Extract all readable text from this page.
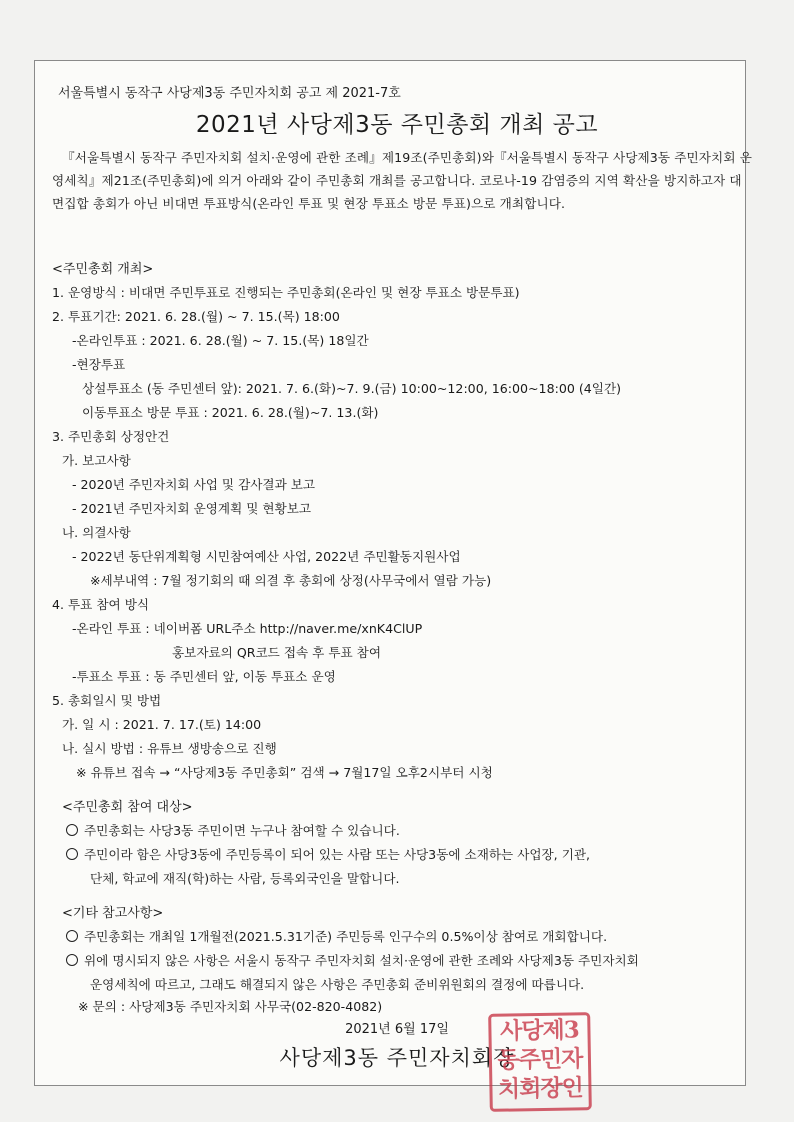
서울특별시 동작구 사당제3동 주민자치회 공고 제 2021-7호
2021년 사당제3동 주민총회 개최 공고
『서울특별시 동작구 주민자치회 설치·운영에 관한 조례』제19조(주민총회)와『서울특별시 동작구 사당제3동 주민자치회 운영세칙』제21조(주민총회)에 의거 아래와 같이 주민총회 개최를 공고합니다. 코로나-19 감염증의 지역 확산을 방지하고자 대면집합 총회가 아닌 비대면 투표방식(온라인 투표 및 현장 투표소 방문 투표)으로 개최합니다.
<주민총회 개최>
1. 운영방식 : 비대면 주민투표로 진행되는 주민총회(온라인 및 현장 투표소 방문투표)
2. 투표기간: 2021. 6. 28.(월) ~ 7. 15.(목) 18:00
-온라인투표 : 2021. 6. 28.(월) ~ 7. 15.(목) 18일간
-현장투표
상설투표소 (동 주민센터 앞): 2021. 7. 6.(화)~7. 9.(금) 10:00~12:00, 16:00~18:00 (4일간)
이동투표소 방문 투표 : 2021. 6. 28.(월)~7. 13.(화)
3. 주민총회 상정안건
가. 보고사항
- 2020년 주민자치회 사업 및 감사결과 보고
- 2021년 주민자치회 운영계획 및 현황보고
나. 의결사항
- 2022년 동단위계획형 시민참여예산 사업, 2022년 주민활동지원사업
※세부내역 : 7월 정기회의 때 의결 후 총회에 상정(사무국에서 열람 가능)
4. 투표 참여 방식
-온라인 투표 : 네이버폼 URL주소 http://naver.me/xnK4ClUP
홍보자료의 QR코드 접속 후 투표 참여
-투표소 투표 : 동 주민센터 앞, 이동 투표소 운영
5. 총회일시 및 방법
가. 일 시 : 2021. 7. 17.(토) 14:00
나. 실시 방법 : 유튜브 생방송으로 진행
※ 유튜브 접속 → “사당제3동 주민총회” 검색 → 7월17일 오후2시부터 시청
<주민총회 참여 대상>
주민총회는 사당3동 주민이면 누구나 참여할 수 있습니다.
주민이라 함은 사당3동에 주민등록이 되어 있는 사람 또는 사당3동에 소재하는 사업장, 기관,
단체, 학교에 재직(학)하는 사람, 등록외국인을 말합니다.
<기타 참고사항>
주민총회는 개최일 1개월전(2021.5.31기준) 주민등록 인구수의 0.5%이상 참여로 개회합니다.
위에 명시되지 않은 사항은 서울시 동작구 주민자치회 설치·운영에 관한 조례와 사당제3동 주민자치회
운영세칙에 따르고, 그래도 해결되지 않은 사항은 주민총회 준비위원회의 결정에 따릅니다.
※ 문의 : 사당제3동 주민자치회 사무국(02-820-4082)
2021년 6월 17일
사당제3동 주민자치회장
사당제3
동주민자
치회장인
